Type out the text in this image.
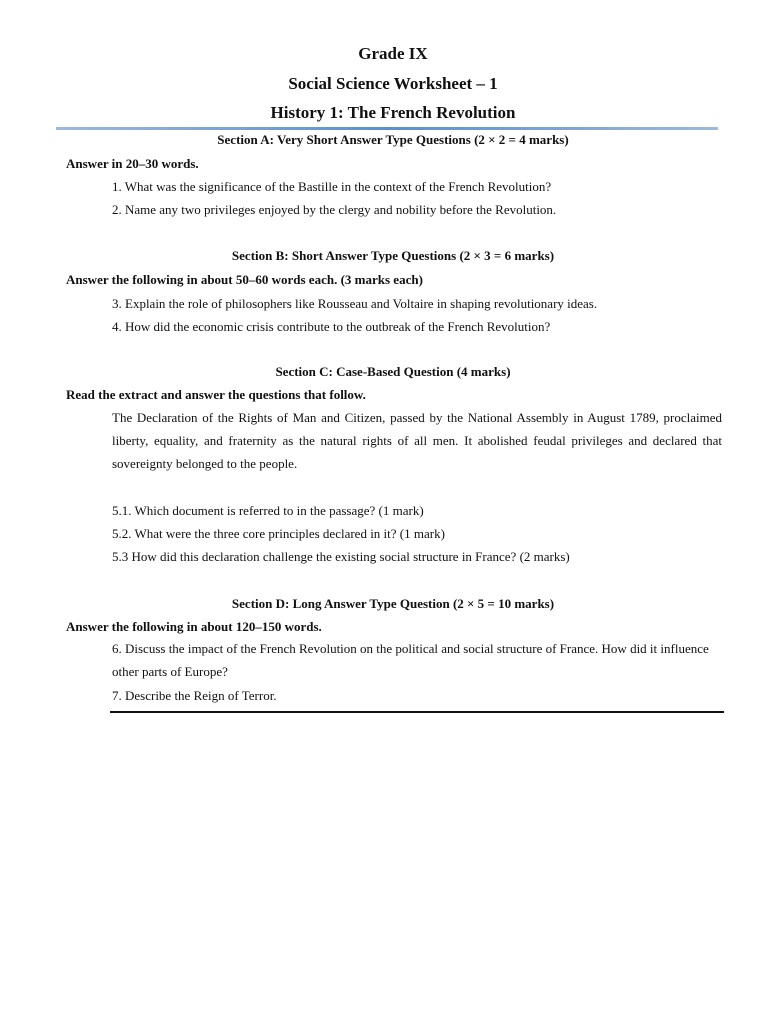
Grade IX
Social Science Worksheet – 1
History 1: The French Revolution
Section A: Very Short Answer Type Questions (2 × 2 = 4 marks)
Answer in 20–30 words.
1. What was the significance of the Bastille in the context of the French Revolution?
2. Name any two privileges enjoyed by the clergy and nobility before the Revolution.
Section B: Short Answer Type Questions (2 × 3 = 6 marks)
Answer the following in about 50–60 words each. (3 marks each)
3. Explain the role of philosophers like Rousseau and Voltaire in shaping revolutionary ideas.
4. How did the economic crisis contribute to the outbreak of the French Revolution?
Section C: Case-Based Question (4 marks)
Read the extract and answer the questions that follow.
The Declaration of the Rights of Man and Citizen, passed by the National Assembly in August 1789, proclaimed liberty, equality, and fraternity as the natural rights of all men. It abolished feudal privileges and declared that sovereignty belonged to the people.
5.1. Which document is referred to in the passage? (1 mark)
5.2. What were the three core principles declared in it? (1 mark)
5.3 How did this declaration challenge the existing social structure in France? (2 marks)
Section D: Long Answer Type Question (2 × 5 = 10 marks)
Answer the following in about 120–150 words.
6. Discuss the impact of the French Revolution on the political and social structure of France. How did it influence other parts of Europe?
7. Describe the Reign of Terror.
